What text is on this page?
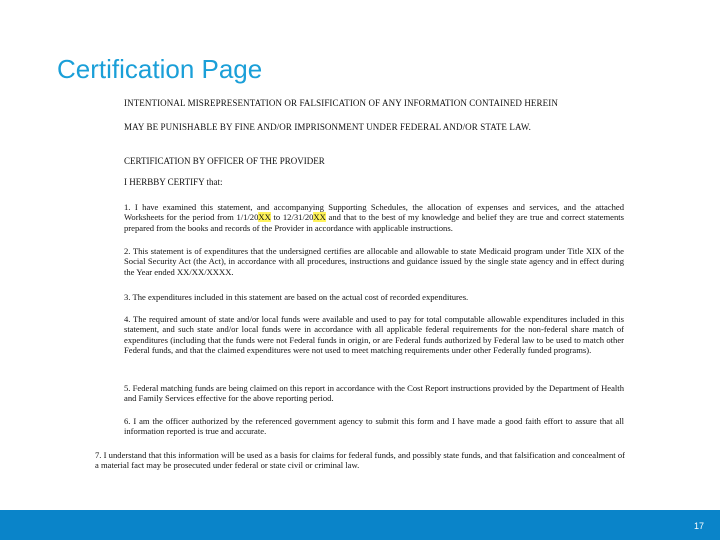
Certification Page
INTENTIONAL MISREPRESENTATION OR FALSIFICATION OF ANY INFORMATION CONTAINED HEREIN
MAY BE PUNISHABLE BY FINE AND/OR IMPRISONMENT UNDER FEDERAL AND/OR STATE LAW.
CERTIFICATION BY OFFICER OF THE PROVIDER
I HERBBY CERTIFY that:

1. I have examined this statement, and accompanying Supporting Schedules, the allocation of expenses and services, and the attached Worksheets for the period from 1/1/20XX to 12/31/20XX and that to the best of my knowledge and belief they are true and correct statements prepared from the books and records of the Provider in accordance with applicable instructions.

2. This statement is of expenditures that the undersigned certifies are allocable and allowable to state Medicaid program under Title XIX of the Social Security Act (the Act), in accordance with all procedures, instructions and guidance issued by the single state agency and in effect during the Year ended XX/XX/XXXX.

3. The expenditures included in this statement are based on the actual cost of recorded expenditures.

4. The required amount of state and/or local funds were available and used to pay for total computable allowable expenditures included in this statement, and such state and/or local funds were in accordance with all applicable federal requirements for the non-federal share match of expenditures (including that the funds were not Federal funds in origin, or are Federal funds authorized by Federal law to be used to match other Federal funds, and that the claimed expenditures were not used to meet matching requirements under other Federally funded programs).

5. Federal matching funds are being claimed on this report in accordance with the Cost Report instructions provided by the Department of Health and Family Services effective for the above reporting period.

6. I am the officer authorized by the referenced government agency to submit this form and I have made a good faith effort to assure that all information reported is true and accurate.

7. I understand that this information will be used as a basis for claims for federal funds, and possibly state funds, and that falsification and concealment of a material fact may be prosecuted under federal or state civil or criminal law.

17
